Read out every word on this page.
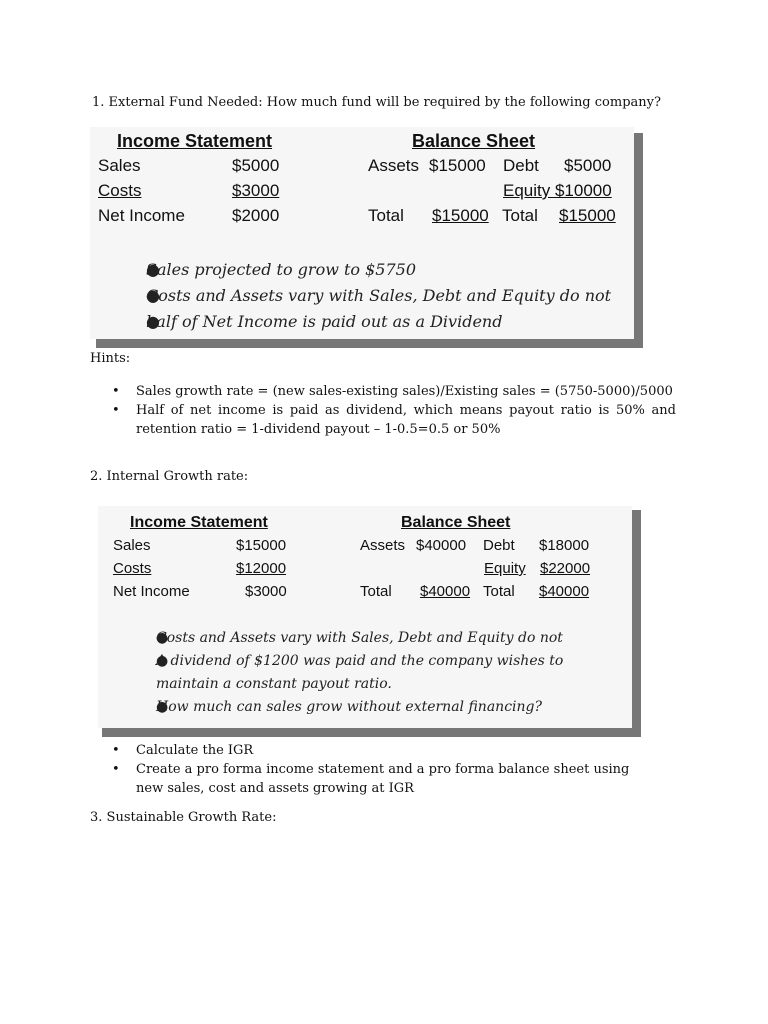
1. External Fund Needed: How much fund will be required by the following company?
Income Statement	Balance Sheet
Sales	$5000
Costs	$3000
Net Income	$2000
Assets $15000 Debt $5000
Equity $10000
Total $15000 Total $15000
● Sales projected to grow to $5750
● Costs and Assets vary with Sales, Debt and Equity do not
● half of Net Income is paid out as a Dividend
Hints:
• Sales growth rate = (new sales-existing sales)/Existing sales = (5750-5000)/5000
• Half of net income is paid as dividend, which means payout ratio is 50% and retention ratio = 1-dividend payout – 1-0.5=0.5 or 50%
2. Internal Growth rate:
Income Statement	Balance Sheet
Sales	$15000
Costs	$12000
Net Income	$3000
Assets $40000 Debt $18000
Equity $22000
Total $40000 Total $40000
● Costs and Assets vary with Sales, Debt and Equity do not
● A dividend of $1200 was paid and the company wishes to maintain a constant payout ratio.
● How much can sales grow without external financing?
• Calculate the IGR
• Create a pro forma income statement and a pro forma balance sheet using new sales, cost and assets growing at IGR
3. Sustainable Growth Rate:
